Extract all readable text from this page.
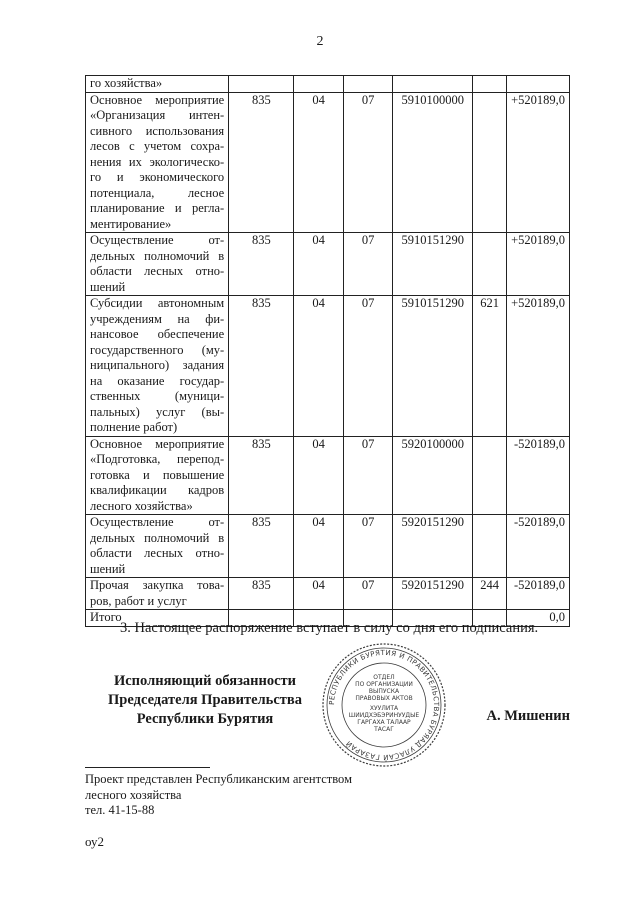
2
го хозяйства»						
Основное мероприятие «Организация интен-сивного использования лесов с учетом сохра-нения их экологическо-го и экономического потенциала, лесное планирование и регла-ментирование»	835	04	07	5910100000		+520189,0
Осуществление от-дельных полномочий в области лесных отно-шений	835	04	07	5910151290		+520189,0
Субсидии автономным учреждениям на фи-нансовое обеспечение государственного (му-ниципального) задания на оказание государ-ственных (муници-пальных) услуг (вы-полнение работ)	835	04	07	5910151290	621	+520189,0
Основное мероприятие «Подготовка, перепод-готовка и повышение квалификации кадров лесного хозяйства»	835	04	07	5920100000		-520189,0
Осуществление от-дельных полномочий в области лесных отно-шений	835	04	07	5920151290		-520189,0
Прочая закупка това-ров, работ и услуг	835	04	07	5920151290	244	-520189,0
Итого						0,0
3. Настоящее распоряжение вступает в силу со дня его подписания.
Исполняющий обязанности
Председателя Правительства
Республики Бурятия
РЕСПУБЛИКИ БУРЯТИЯ И ПРАВИТЕЛЬСТВА БУРЯАД УЛАСАЙ ГАЗАРАЙ
ОТДЕЛ
ПО ОРГАНИЗАЦИИ
ВЫПУСКА
ПРАВОВЫХ АКТОВ
ХУУЛИТА
ШИИДХЭБЭРИНУУДЫЕ
ГАРГАХА ТАЛААР
ТАСАГ
А. Мишенин
Проект представлен Республиканским агентством
лесного хозяйства
тел. 41-15-88
оу2
